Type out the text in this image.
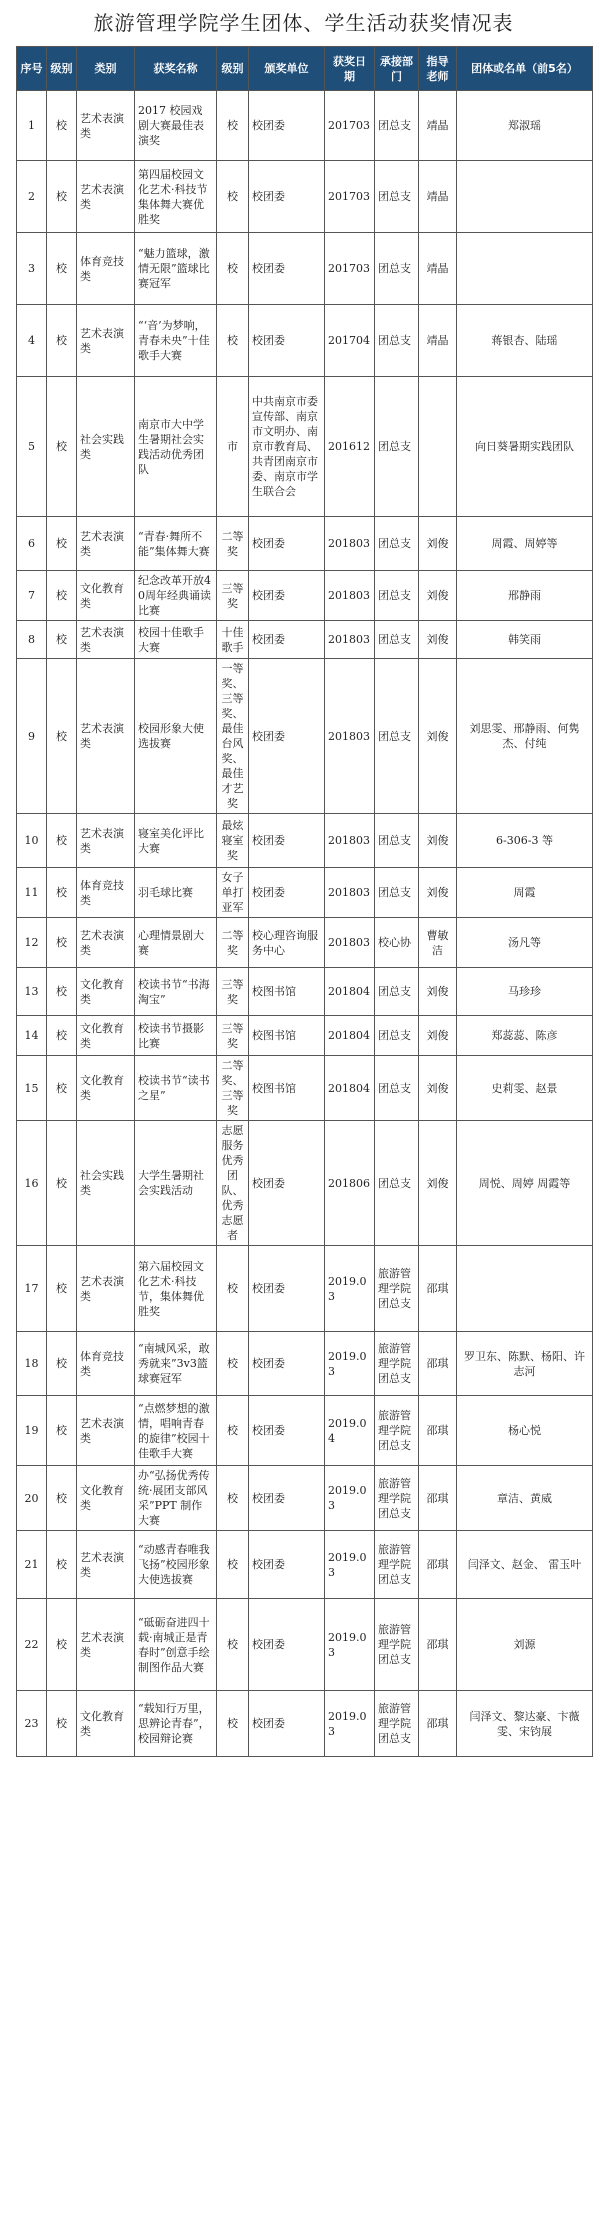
旅游管理学院学生团体、学生活动获奖情况表
序号	级别	类别	获奖名称	级别	颁奖单位	获奖日期	承接部门	指导老师	团体或名单（前5名）
1	校	艺术表演类	2017 校园戏剧大赛最佳表演奖	校	校团委	201703	团总支	靖晶	郑淑瑶
2	校	艺术表演类	第四届校园文化艺术·科技节集体舞大赛优胜奖	校	校团委	201703	团总支	靖晶	
3	校	体育竞技类	“魅力篮球，激情无限”篮球比赛冠军	校	校团委	201703	团总支	靖晶	
4	校	艺术表演类	“‘音’为梦响，青春未央”十佳歌手大赛	校	校团委	201704	团总支	靖晶	蒋银杏、陆瑶
5	校	社会实践类	南京市大中学生暑期社会实践活动优秀团队	市	中共南京市委宣传部、南京市文明办、南京市教育局、共青团南京市委、南京市学生联合会	201612	团总支		向日葵暑期实践团队
6	校	艺术表演类	“青春·舞所不能”集体舞大赛	二等奖	校团委	201803	团总支	刘俊	周霞、周婷等
7	校	文化教育类	纪念改革开放40周年经典诵读比赛	三等奖	校团委	201803	团总支	刘俊	邢静雨
8	校	艺术表演类	校园十佳歌手大赛	十佳歌手	校团委	201803	团总支	刘俊	韩笑雨
9	校	艺术表演类	校园形象大使选拔赛	一等奖、三等奖、最佳台风奖、最佳才艺奖	校团委	201803	团总支	刘俊	刘思雯、邢静雨、何隽杰、付纯
10	校	艺术表演类	寝室美化评比大赛	最炫寝室奖	校团委	201803	团总支	刘俊	6-306-3 等
11	校	体育竞技类	羽毛球比赛	女子单打亚军	校团委	201803	团总支	刘俊	周霞
12	校	艺术表演类	心理情景剧大赛	二等奖	校心理咨询服务中心	201803	校心协	曹敏洁	汤凡等
13	校	文化教育类	校读书节“书海淘宝”	三等奖	校图书馆	201804	团总支	刘俊	马珍珍
14	校	文化教育类	校读书节摄影比赛	三等奖	校图书馆	201804	团总支	刘俊	郑蕊蕊、陈彦
15	校	文化教育类	校读书节“读书之星”	二等奖、三等奖	校图书馆	201804	团总支	刘俊	史莉雯、赵景
16	校	社会实践类	大学生暑期社会实践活动	志愿服务优秀团队、优秀志愿者	校团委	201806	团总支	刘俊	周悦、周婷 周霞等
17	校	艺术表演类	第六届校园文化艺术·科技节，集体舞优胜奖	校	校团委	2019.03	旅游管理学院团总支	邵琪	
18	校	体育竞技类	“南城风采，敢秀就来”3v3篮球赛冠军	校	校团委	2019.03	旅游管理学院团总支	邵琪	罗卫东、陈默、杨阳、许志河
19	校	艺术表演类	“点燃梦想的激情，唱响青春的旋律”校园十佳歌手大赛	校	校团委	2019.04	旅游管理学院团总支	邵琪	杨心悦
20	校	文化教育类	办“弘扬优秀传统·展团支部风采”PPT 制作大赛	校	校团委	2019.03	旅游管理学院团总支	邵琪	章洁、黄威
21	校	艺术表演类	“动感青春唯我飞扬”校园形象大使选拔赛	校	校团委	2019.03	旅游管理学院团总支	邵琪	闫泽文、赵金、 雷玉叶
22	校	艺术表演类	“砥砺奋进四十载·南城正是青春时”创意手绘制图作品大赛	校	校团委	2019.03	旅游管理学院团总支	邵琪	刘源
23	校	文化教育类	“载知行万里，思辨论青春”，校园辩论赛	校	校团委	2019.03	旅游管理学院团总支	邵琪	闫泽文、黎达豪、卞薇雯、宋钧展
